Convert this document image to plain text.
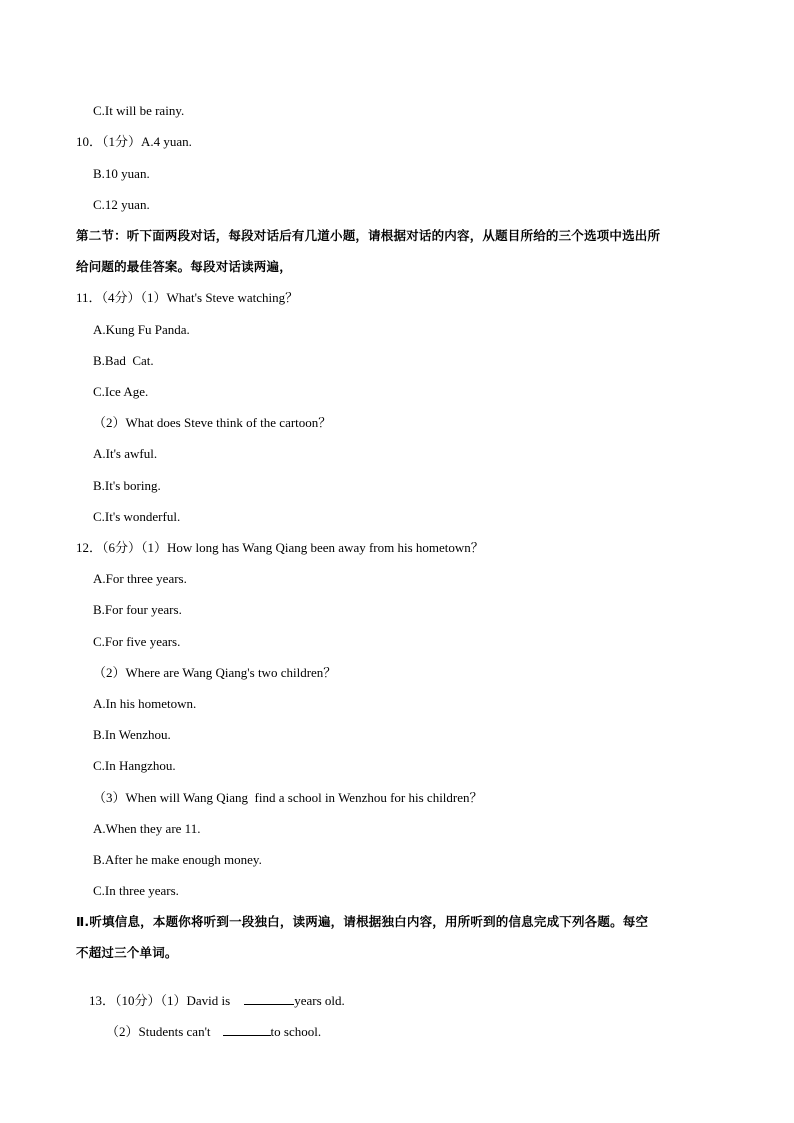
C.It will be rainy.
10．（1分）A.4 yuan.
B.10 yuan.
C.12 yuan.
第二节：听下面两段对话，每段对话后有几道小题，请根据对话的内容，从题目所给的三个选项中选出所
给问题的最佳答案。每段对话读两遍，
11．（4分）（1）What's Steve watching？
A.Kung Fu Panda.
B.Bad  Cat.
C.Ice Age.
（2）What does Steve think of the cartoon？
A.It's awful.
B.It's boring.
C.It's wonderful.
12．（6分）（1）How long has Wang Qiang been away from his hometown？
A.For three years.
B.For four years.
C.For five years.
（2）Where are Wang Qiang's two children？
A.In his hometown.
B.In Wenzhou.
C.In Hangzhou.
（3）When will Wang Qiang  find a school in Wenzhou for his children？
A.When they are 11.
B.After he make enough money.
C.In three years.
Ⅱ.听填信息，本题你将听到一段独白，读两遍，请根据独白内容，用所听到的信息完成下列各题。每空
不超过三个单词。

13．（10分）（1）David is	years old.

（2）Students can't	to school.
